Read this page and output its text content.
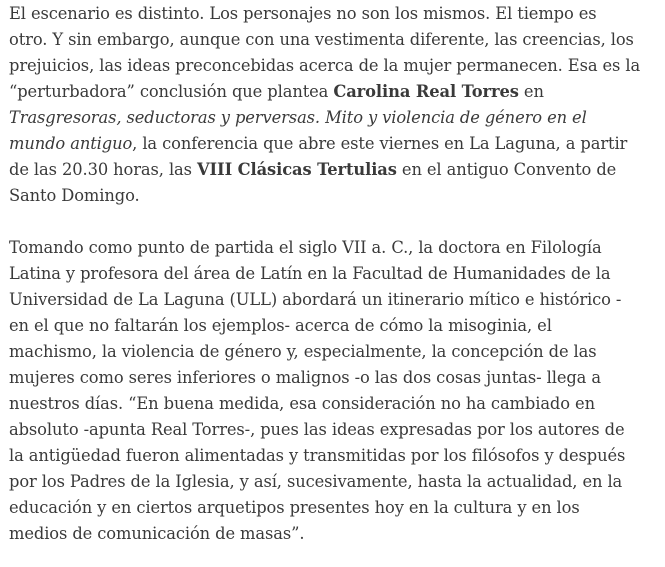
El escenario es distinto. Los personajes no son los mismos. El tiempo es
otro. Y sin embargo, aunque con una vestimenta diferente, las creencias, los
prejuicios, las ideas preconcebidas acerca de la mujer permanecen. Esa es la
“perturbadora” conclusión que plantea Carolina Real Torres en
Trasgresoras, seductoras y perversas. Mito y violencia de género en el
mundo antiguo, la conferencia que abre este viernes en La Laguna, a partir
de las 20.30 horas, las VIII Clásicas Tertulias en el antiguo Convento de
Santo Domingo.

Tomando como punto de partida el siglo VII a. C., la doctora en Filología
Latina y profesora del área de Latín en la Facultad de Humanidades de la
Universidad de La Laguna (ULL) abordará un itinerario mítico e histórico -
en el que no faltarán los ejemplos- acerca de cómo la misoginia, el
machismo, la violencia de género y, especialmente, la concepción de las
mujeres como seres inferiores o malignos -o las dos cosas juntas- llega a
nuestros días. “En buena medida, esa consideración no ha cambiado en
absoluto -apunta Real Torres-, pues las ideas expresadas por los autores de
la antigüedad fueron alimentadas y transmitidas por los filósofos y después
por los Padres de la Iglesia, y así, sucesivamente, hasta la actualidad, en la
educación y en ciertos arquetipos presentes hoy en la cultura y en los
medios de comunicación de masas”.
